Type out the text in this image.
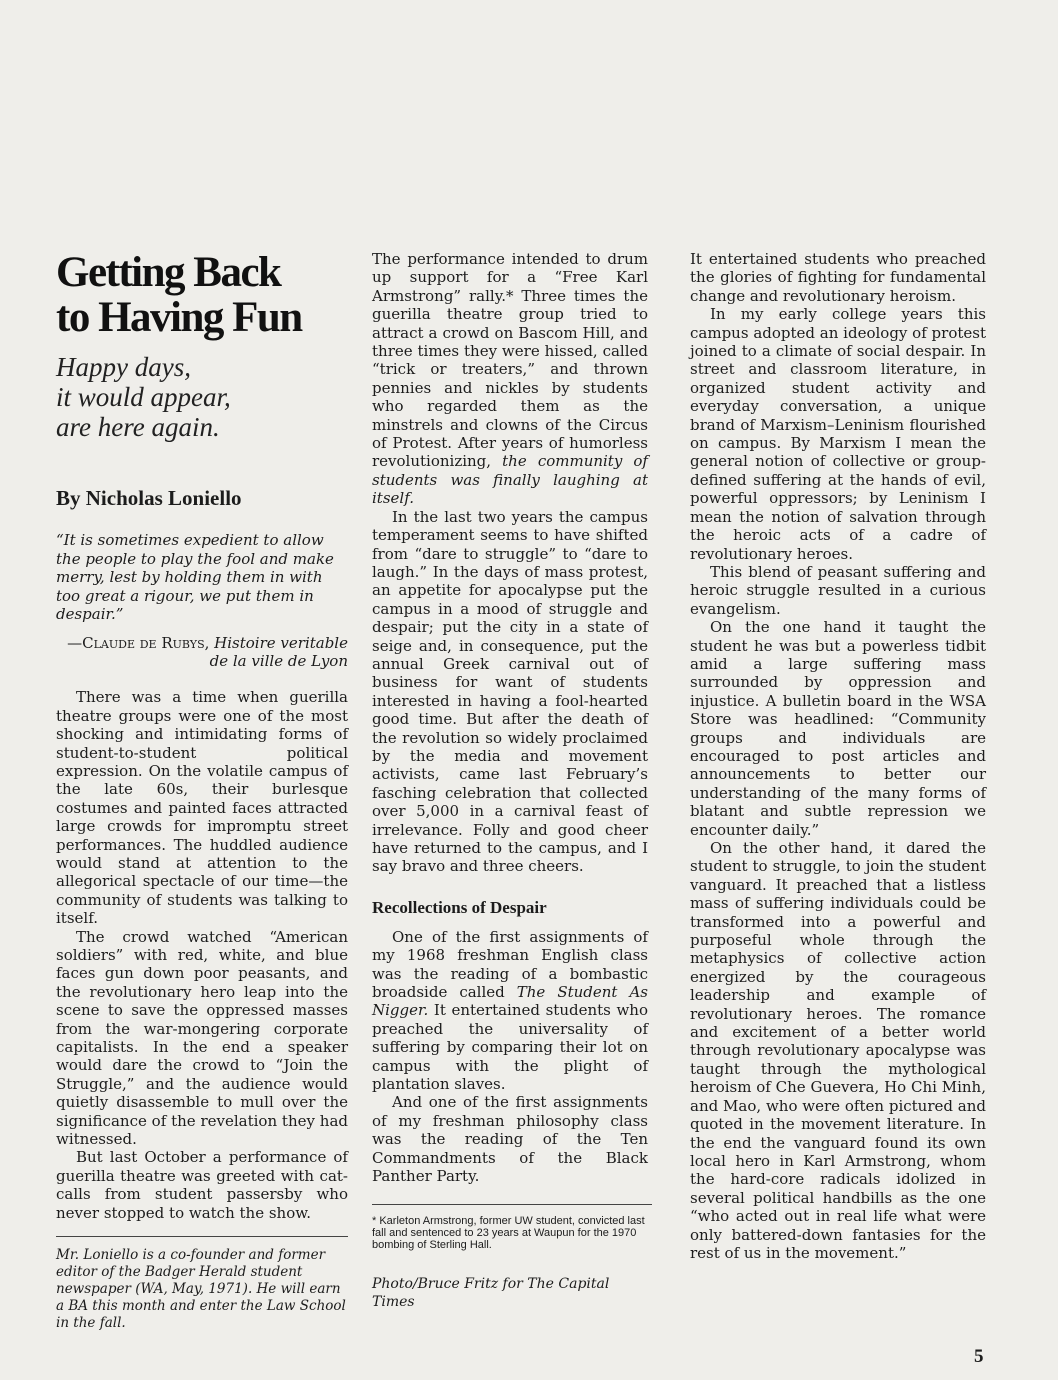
Getting Back
to Having Fun
Happy days,
it would appear,
are here again.
By Nicholas Loniello

“It is sometimes expedient to allow the people to play the fool and make merry, lest by holding them in with too great a rigour, we put them in despair.”

—Claude de Rubys, Histoire veritable de la ville de Lyon

There was a time when guerilla theatre groups were one of the most shocking and intimidating forms of student-to-student political expression. On the volatile campus of the late 60s, their burlesque costumes and painted faces attracted large crowds for impromptu street performances. The huddled audience would stand at attention to the allegorical spectacle of our time—the community of students was talking to itself.

The crowd watched “American soldiers” with red, white, and blue faces gun down poor peasants, and the revolutionary hero leap into the scene to save the oppressed masses from the war-mongering corporate capitalists. In the end a speaker would dare the crowd to “Join the Struggle,” and the audience would quietly disassemble to mull over the significance of the revelation they had witnessed.

But last October a performance of guerilla theatre was greeted with cat-calls from student passersby who never stopped to watch the show.

Mr. Loniello is a co-founder and former editor of the Badger Herald student newspaper (WA, May, 1971). He will earn a BA this month and enter the Law School in the fall.

The performance intended to drum up support for a “Free Karl Armstrong” rally.* Three times the guerilla theatre group tried to attract a crowd on Bascom Hill, and three times they were hissed, called “trick or treaters,” and thrown pennies and nickles by students who regarded them as the minstrels and clowns of the Circus of Protest. After years of humorless revolutionizing, the community of students was finally laughing at itself.

In the last two years the campus temperament seems to have shifted from “dare to struggle” to “dare to laugh.” In the days of mass protest, an appetite for apocalypse put the campus in a mood of struggle and despair; put the city in a state of seige and, in consequence, put the annual Greek carnival out of business for want of students interested in having a fool-hearted good time. But after the death of the revolution so widely proclaimed by the media and movement activists, came last February’s fasching celebration that collected over 5,000 in a carnival feast of irrelevance. Folly and good cheer have returned to the campus, and I say bravo and three cheers.

Recollections of Despair

One of the first assignments of my 1968 freshman English class was the reading of a bombastic broadside called The Student As Nigger. It entertained students who preached the universality of suffering by comparing their lot on campus with the plight of plantation slaves.

And one of the first assignments of my freshman philosophy class was the reading of the Ten Commandments of the Black Panther Party.

* Karleton Armstrong, former UW student, convicted last fall and sentenced to 23 years at Waupun for the 1970 bombing of Sterling Hall.

Photo/Bruce Fritz for The Capital Times

It entertained students who preached the glories of fighting for fundamental change and revolutionary heroism.

In my early college years this campus adopted an ideology of protest joined to a climate of social despair. In street and classroom literature, in organized student activity and everyday conversation, a unique brand of Marxism–Leninism flourished on campus. By Marxism I mean the general notion of collective or group-defined suffering at the hands of evil, powerful oppressors; by Leninism I mean the notion of salvation through the heroic acts of a cadre of revolutionary heroes.

This blend of peasant suffering and heroic struggle resulted in a curious evangelism.

On the one hand it taught the student he was but a powerless tidbit amid a large suffering mass surrounded by oppression and injustice. A bulletin board in the WSA Store was headlined: “Community groups and individuals are encouraged to post articles and announcements to better our understanding of the many forms of blatant and subtle repression we encounter daily.”

On the other hand, it dared the student to struggle, to join the student vanguard. It preached that a listless mass of suffering individuals could be transformed into a powerful and purposeful whole through the metaphysics of collective action energized by the courageous leadership and example of revolutionary heroes. The romance and excitement of a better world through revolutionary apocalypse was taught through the mythological heroism of Che Guevera, Ho Chi Minh, and Mao, who were often pictured and quoted in the movement literature. In the end the vanguard found its own local hero in Karl Armstrong, whom the hard-core radicals idolized in several political handbills as the one “who acted out in real life what were only battered-down fantasies for the rest of us in the movement.”

5
